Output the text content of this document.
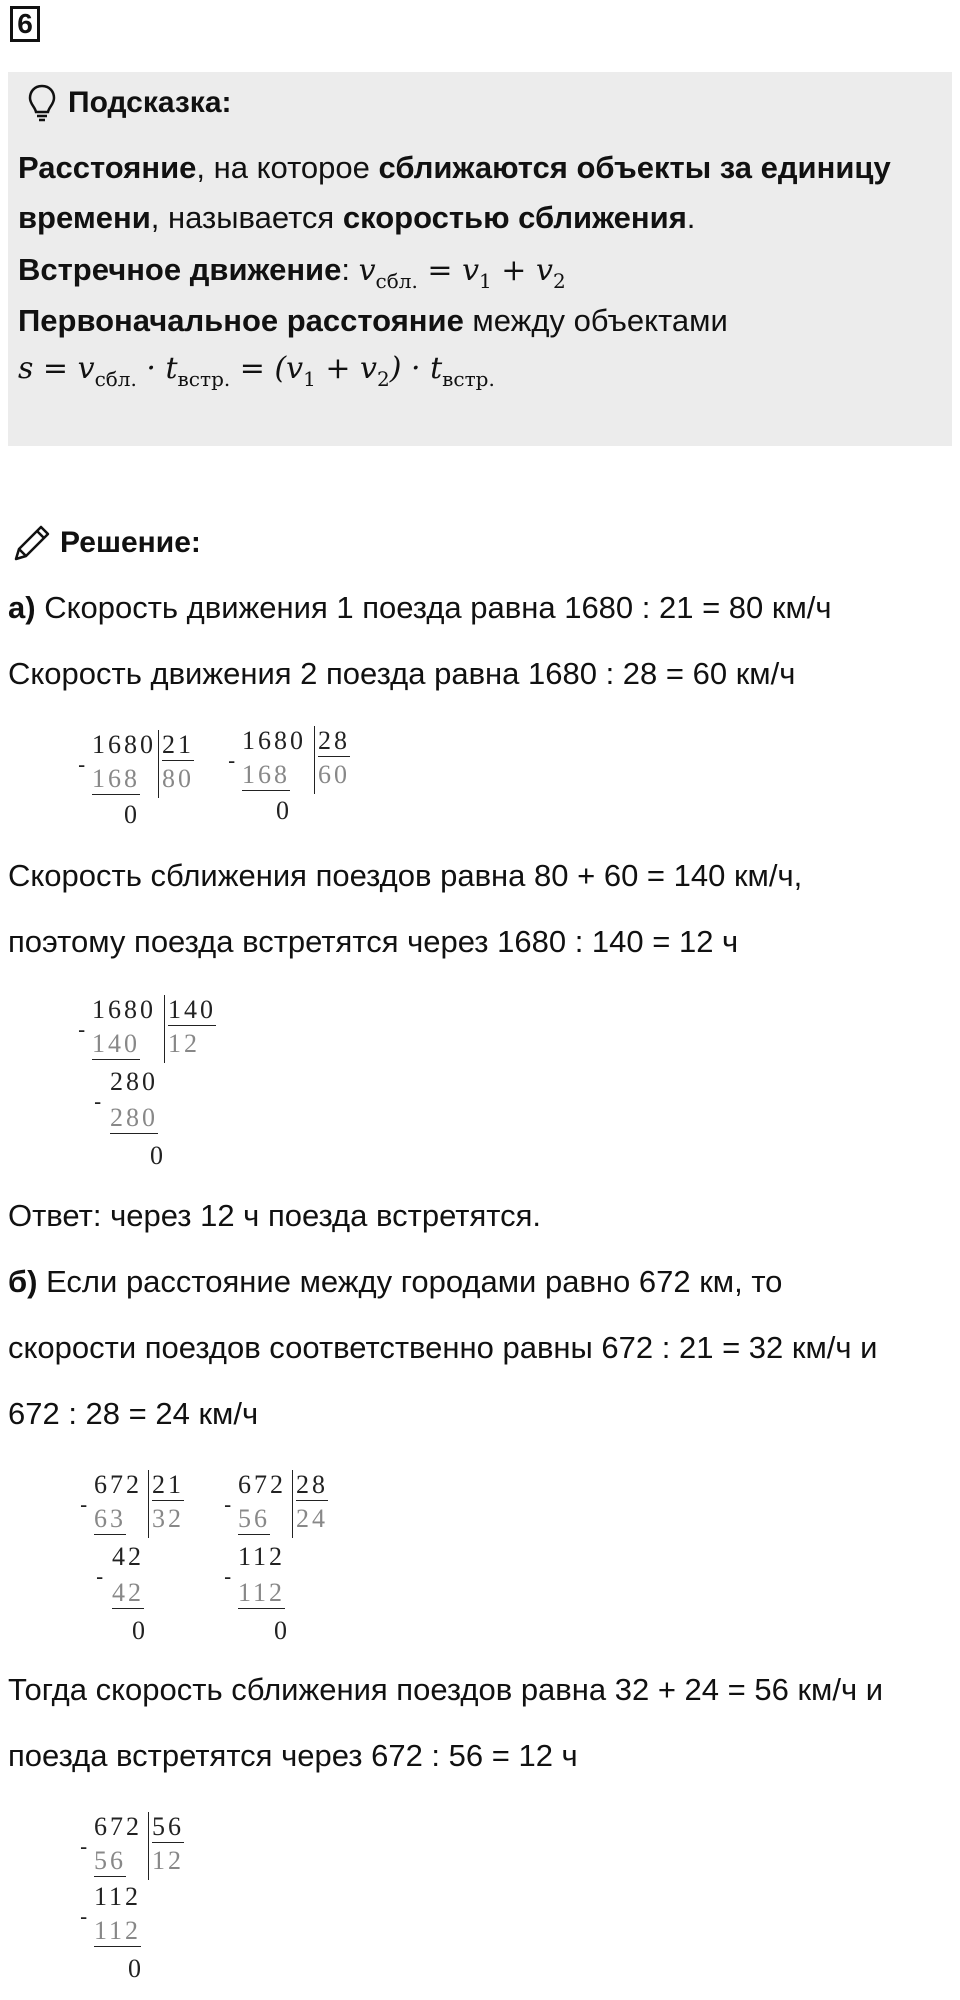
6
Подсказка:
Расстояние, на которое сближаются объекты за единицу
времени, называется скоростью сближения.
Встречное движение: $v_{сбл.} = v_1 + v_2$
Первоначальное расстояние между объектами
$s = v_{сбл.} \cdot t_{встр.} = (v_1 + v_2) \cdot t_{встр.}$
Решение:
а) Скорость движения 1 поезда равна 1680 : 21 = 80 км/ч
Скорость движения 2 поезда равна 1680 : 28 = 60 км/ч
1680 21
- 168 80
0
1680 28
- 168 60
0
Скорость сближения поездов равна 80 + 60 = 140 км/ч,
поэтому поезда встретятся через 1680 : 140 = 12 ч
1680 140
- 140 12
280
-
280
0
Ответ: через 12 ч поезда встретятся.
б) Если расстояние между городами равно 672 км, то
скорости поездов соответственно равны 672 : 21 = 32 км/ч и
672 : 28 = 24 км/ч
672 21
- 63 32
42
-
42
0
672 28
- 56 24
112
-
112
0
Тогда скорость сближения поездов равна 32 + 24 = 56 км/ч и
поезда встретятся через 672 : 56 = 12 ч
672 56
- 56 12
112
- 112
0
